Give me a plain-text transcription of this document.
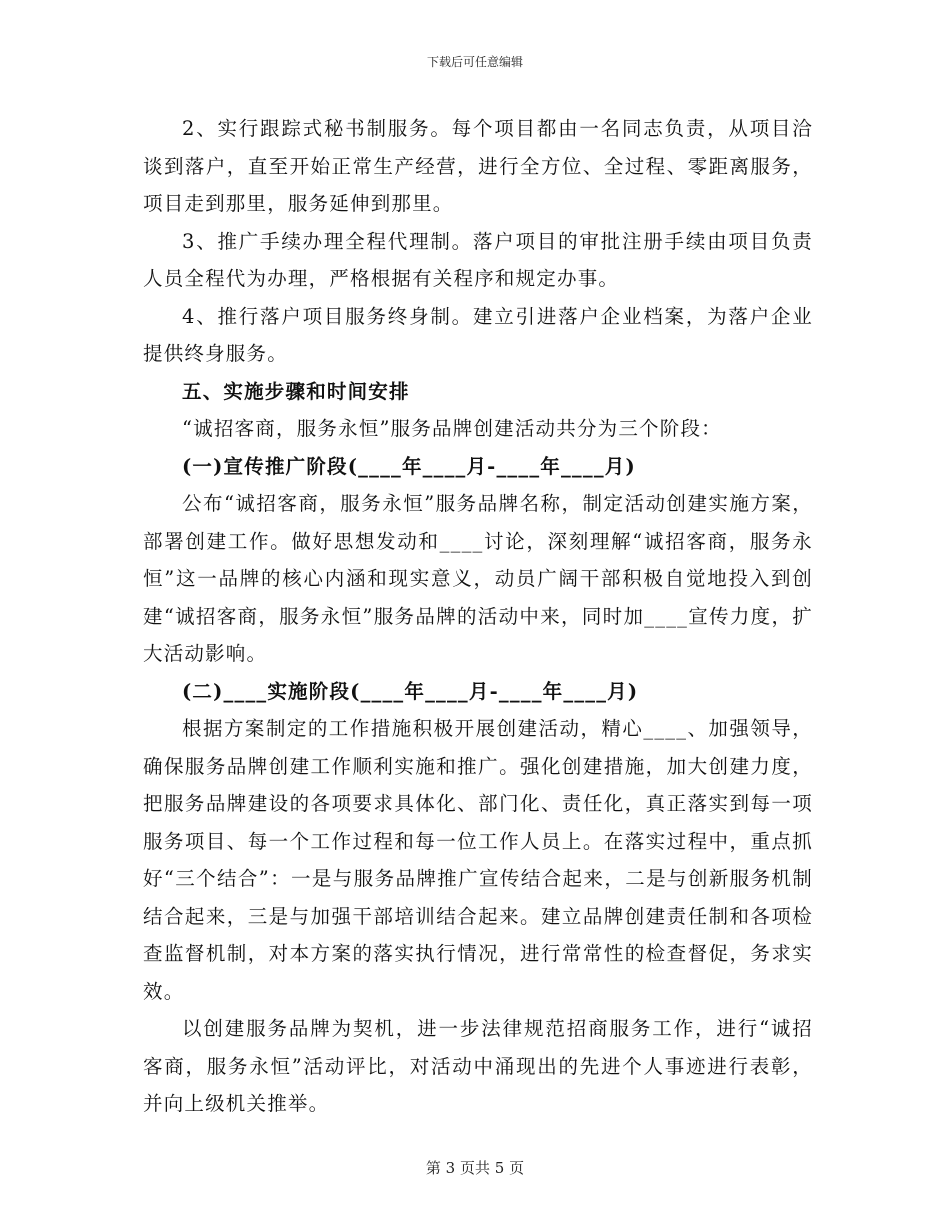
下载后可任意编辑

2、实行跟踪式秘书制服务。每个项目都由一名同志负责，从项目洽谈到落户，直至开始正常生产经营，进行全方位、全过程、零距离服务，项目走到那里，服务延伸到那里。

3、推广手续办理全程代理制。落户项目的审批注册手续由项目负责人员全程代为办理，严格根据有关程序和规定办事。

4、推行落户项目服务终身制。建立引进落户企业档案，为落户企业提供终身服务。

五、实施步骤和时间安排

“诚招客商，服务永恒”服务品牌创建活动共分为三个阶段：

(一)宣传推广阶段(____年____月-____年____月)

公布“诚招客商，服务永恒”服务品牌名称，制定活动创建实施方案，部署创建工作。做好思想发动和____讨论，深刻理解“诚招客商，服务永恒”这一品牌的核心内涵和现实意义，动员广阔干部积极自觉地投入到创建“诚招客商，服务永恒”服务品牌的活动中来，同时加____宣传力度，扩大活动影响。

(二)____实施阶段(____年____月-____年____月)

根据方案制定的工作措施积极开展创建活动，精心____、加强领导，确保服务品牌创建工作顺利实施和推广。强化创建措施，加大创建力度，把服务品牌建设的各项要求具体化、部门化、责任化，真正落实到每一项服务项目、每一个工作过程和每一位工作人员上。在落实过程中，重点抓好“三个结合”：一是与服务品牌推广宣传结合起来，二是与创新服务机制结合起来，三是与加强干部培训结合起来。建立品牌创建责任制和各项检查监督机制，对本方案的落实执行情况，进行常常性的检查督促，务求实效。

以创建服务品牌为契机，进一步法律规范招商服务工作，进行“诚招客商，服务永恒”活动评比，对活动中涌现出的先进个人事迹进行表彰，并向上级机关推举。

第 3 页共 5 页
